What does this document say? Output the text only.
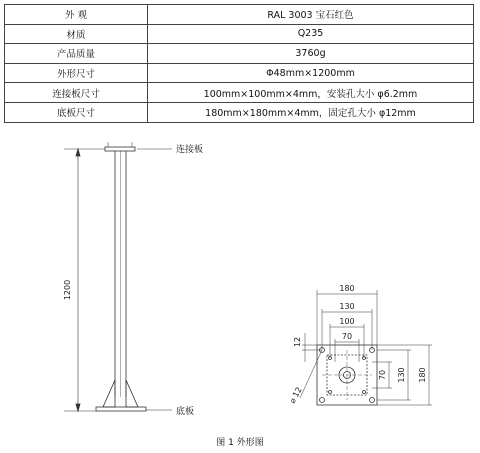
外 观	RAL 3003 宝石红色
材质	Q235
产品质量	3760g
外形尺寸	Φ48mm×1200mm
连接板尺寸	100mm×100mm×4mm，安装孔大小 φ6.2mm
底板尺寸	180mm×180mm×4mm，固定孔大小 φ12mm
连接板
底板
1200	180
130
100
70
12
70 130 180
⌀
12
图 1 外形图
